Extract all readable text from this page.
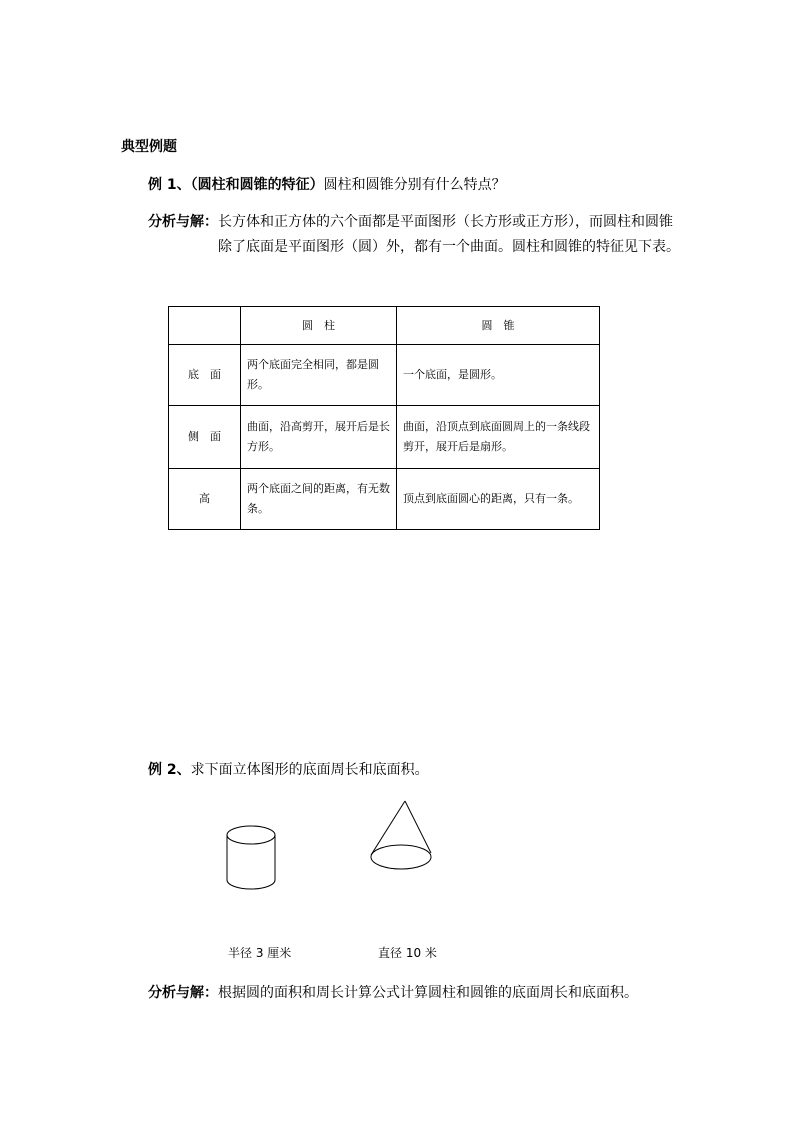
典型例题
例 1、（圆柱和圆锥的特征）圆柱和圆锥分别有什么特点？
分析与解： 长方体和正方体的六个面都是平面图形（长方形或正方形），而圆柱和圆锥
除了底面是平面图形（圆）外，都有一个曲面。圆柱和圆锥的特征见下表。
	圆　柱	圆　锥
底　面	两个底面完全相同，都是圆形。	一个底面，是圆形。
侧　面	曲面，沿高剪开，展开后是长方形。	曲面，沿顶点到底面圆周上的一条线段剪开，展开后是扇形。
高	两个底面之间的距离，有无数条。	顶点到底面圆心的距离，只有一条。
例 2、求下面立体图形的底面周长和底面积。
半径 3 厘米	直径 10 米
分析与解：根据圆的面积和周长计算公式计算圆柱和圆锥的底面周长和底面积。
